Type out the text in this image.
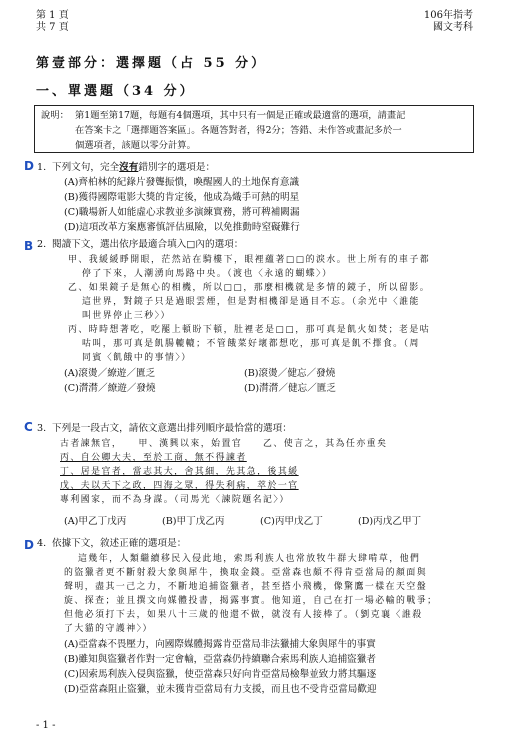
第 1 頁
共 7 頁
106年指考
國文考科
第壹部分：選擇題（占 55 分）
一、單選題（34 分）
說明： 第1題至第17題，每題有4個選項，其中只有一個是正確或最適當的選項，請畫記
在答案卡之「選擇題答案區」。各題答對者，得2分；答錯、未作答或畫記多於一
個選項者，該題以零分計算。
D 1. 下列文句，完全沒有錯別字的選項是：
(A)齊柏林的紀錄片發聾振憒，喚醒國人的土地保育意識
(B)獲得國際電影大獎的肯定後，他成為熾手可熱的明星
(C)職場新人如能虛心求教並多演練實務，將可稗補闕漏
(D)這項改革方案應審慎評估風險，以免推動時窒礙難行
B 2. 閱讀下文，選出依序最適合填入□內的選項：
甲、我緩緩睜開眼，茫然站在騎樓下，眼裡蘊著□□的淚水。世上所有的車子都
停了下來，人潮湧向馬路中央。（渡也〈永遠的蝴蝶〉）
乙、如果鏡子是無心的相機，所以□□，那麼相機就是多情的鏡子，所以留影。
這世界，對鏡子只是過眼雲煙，但是對相機卻是過目不忘。（余光中〈誰能
叫世界停止三秒〉）
丙、時時想著吃，吃罷上頓盼下頓，肚裡老是□□，那可真是飢火如焚；老是咕
咕叫，那可真是飢腸轆轆；不管餓菜好壞都想吃，那可真是飢不擇食。（周
同賓〈飢餓中的事情〉）
(A)滾燙／繚遊／匱乏	(B)滾燙／健忘／發燒
(C)潸潸／繚遊／發燒	(D)潸潸／健忘／匱乏
C 3. 下列是一段古文，請依文意選出排列順序最恰當的選項：
古者諫無官，　　甲、漢興以來，始置官　　乙、使言之，其為任亦重矣
丙、自公卿大夫，至於工商，無不得諫者
丁、居是官者，當志其大，舍其細，先其急，後其緩
戊、夫以天下之政，四海之眾，得失利病，萃於一官
專利國家，而不為身謀。（司馬光〈諫院題名記〉）
(A)甲乙丁戊丙	(B)甲丁戊乙丙	(C)丙甲戊乙丁	(D)丙戊乙甲丁
D 4. 依據下文，敘述正確的選項是：
這幾年，人類繼續移民入侵此地，索馬利族人也常放牧牛群大肆啃草，他們
的盜獵者更不斷射殺大象與犀牛，換取金錢。亞當森也頗不得肯亞當局的顏面與
聲明，盡其一己之力，不斷地追捕盜獵者，甚至搭小飛機，像驚鷹一樣在天空盤
旋、探查；並且撰文向媒體投書，揭露事實。他知道，自己在打一場必輸的戰爭；
但他必須打下去，如果八十三歲的他還不做，就沒有人接棒了。（劉克襄〈誰殺
了大貓的守護神〉）
(A)亞當森不畏壓力，向國際媒體揭露肯亞當局非法獵捕大象與犀牛的事實
(B)雖知與盜獵者作對一定會輸，亞當森仍持續聯合索馬利族人追捕盜獵者
(C)因索馬利族入侵與盜獵，使亞當森只好向肯亞當局檢舉並致力將其驅逐
(D)亞當森阻止盜獵，並未獲肯亞當局有力支援，而且也不受肯亞當局歡迎
- 1 -
